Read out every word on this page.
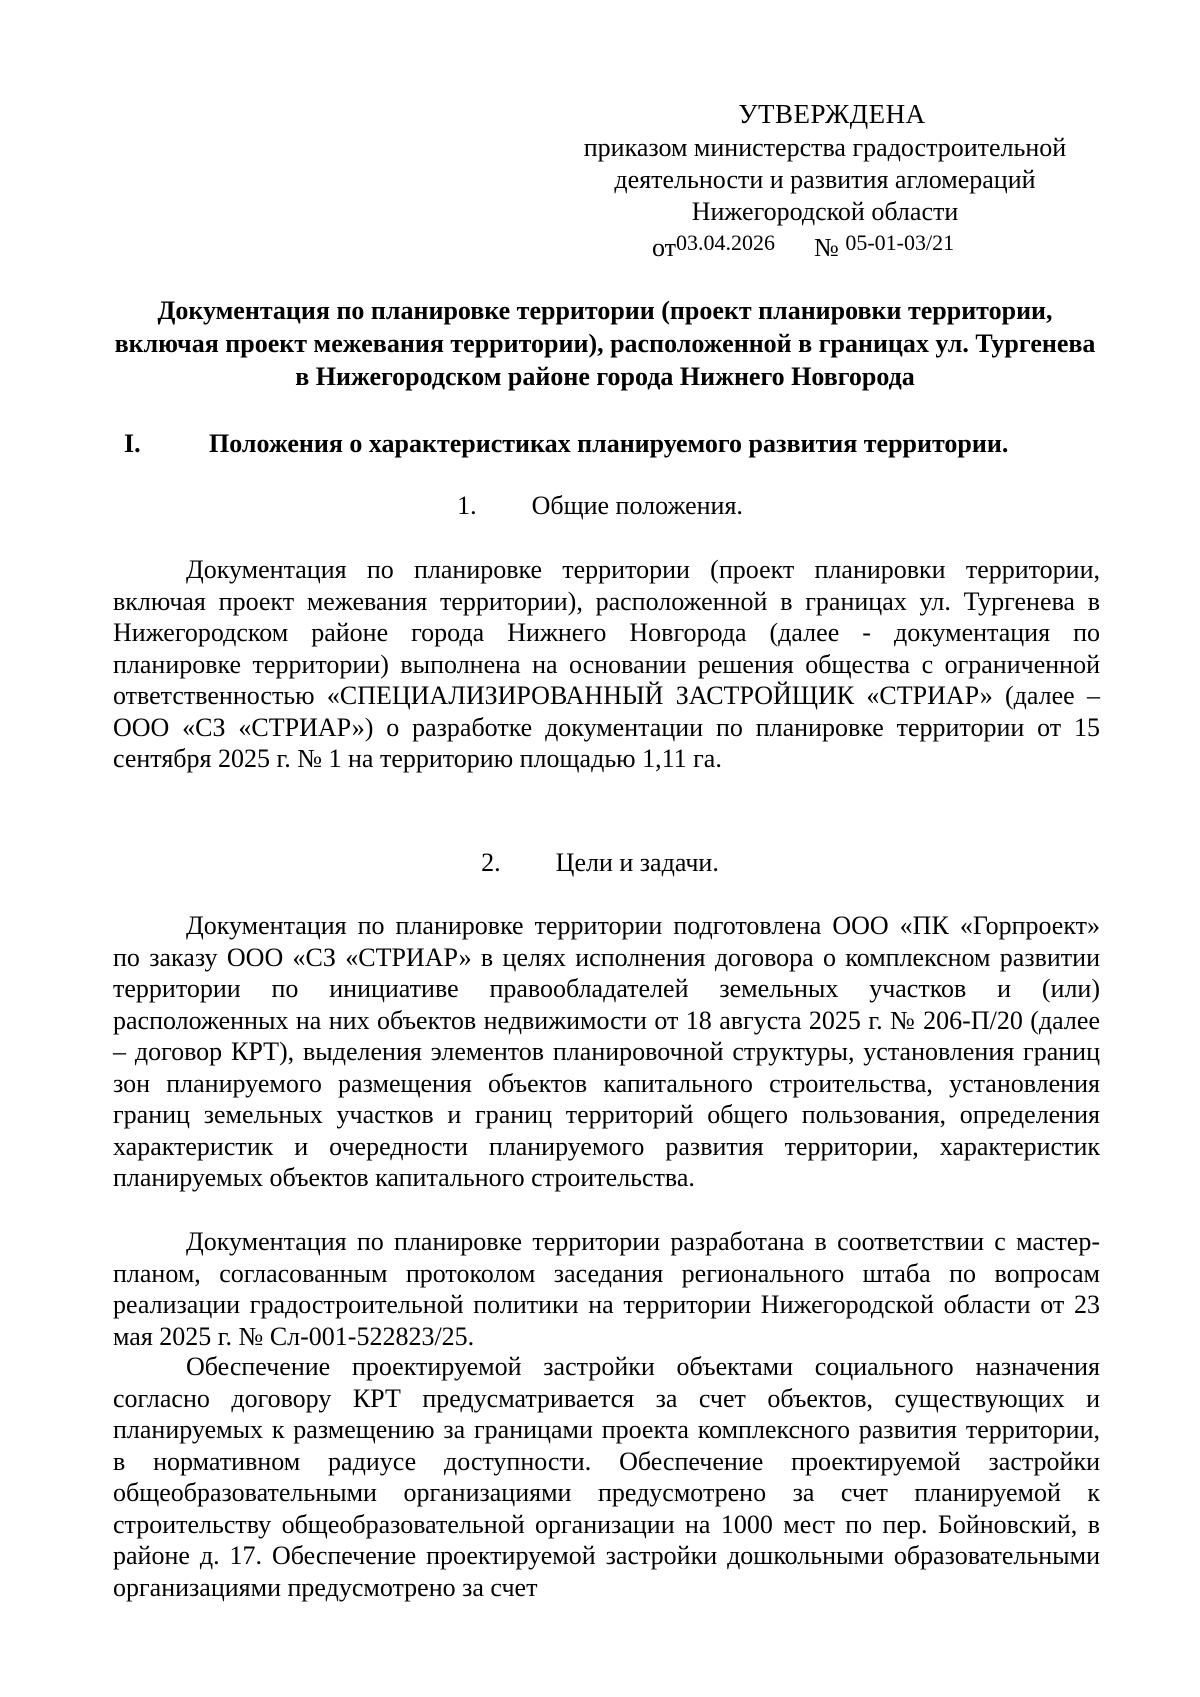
УТВЕРЖДЕНА
приказом министерства градостроительной
деятельности и развития агломераций
Нижегородской области
от03.04.2026 № 05-01-03/21
Документация по планировке территории (проект планировки территории, включая проект межевания территории), расположенной в границах ул. Тургенева в Нижегородском районе города Нижнего Новгорода
I.	Положения о характеристиках планируемого развития территории.
1. Общие положения.
Документация по планировке территории (проект планировки территории, включая проект межевания территории), расположенной в границах ул. Тургенева в Нижегородском районе города Нижнего Новгорода (далее - документация по планировке территории) выполнена на основании решения общества с ограниченной ответственностью «СПЕЦИАЛИЗИРОВАННЫЙ ЗАСТРОЙЩИК «СТРИАР» (далее – ООО «СЗ «СТРИАР») о разработке документации по планировке территории от 15 сентября 2025 г. № 1 на территорию площадью 1,11 га.
2. Цели и задачи.
Документация по планировке территории подготовлена ООО «ПК «Горпроект» по заказу ООО «СЗ «СТРИАР» в целях исполнения договора о комплексном развитии территории по инициативе правообладателей земельных участков и (или) расположенных на них объектов недвижимости от 18 августа 2025 г. № 206-П/20 (далее – договор КРТ), выделения элементов планировочной структуры, установления границ зон планируемого размещения объектов капитального строительства, установления границ земельных участков и границ территорий общего пользования, определения характеристик и очередности планируемого развития территории, характеристик планируемых объектов капитального строительства.
Документация по планировке территории разработана в соответствии с мастер-планом, согласованным протоколом заседания регионального штаба по вопросам реализации градостроительной политики на территории Нижегородской области от 23 мая 2025 г. № Сл-001-522823/25.
Обеспечение проектируемой застройки объектами социального назначения согласно договору КРТ предусматривается за счет объектов, существующих и планируемых к размещению за границами проекта комплексного развития территории, в нормативном радиусе доступности. Обеспечение проектируемой застройки общеобразовательными организациями предусмотрено за счет планируемой к строительству общеобразовательной организации на 1000 мест по пер. Бойновский, в районе д. 17. Обеспечение проектируемой застройки дошкольными образовательными организациями предусмотрено за счет
